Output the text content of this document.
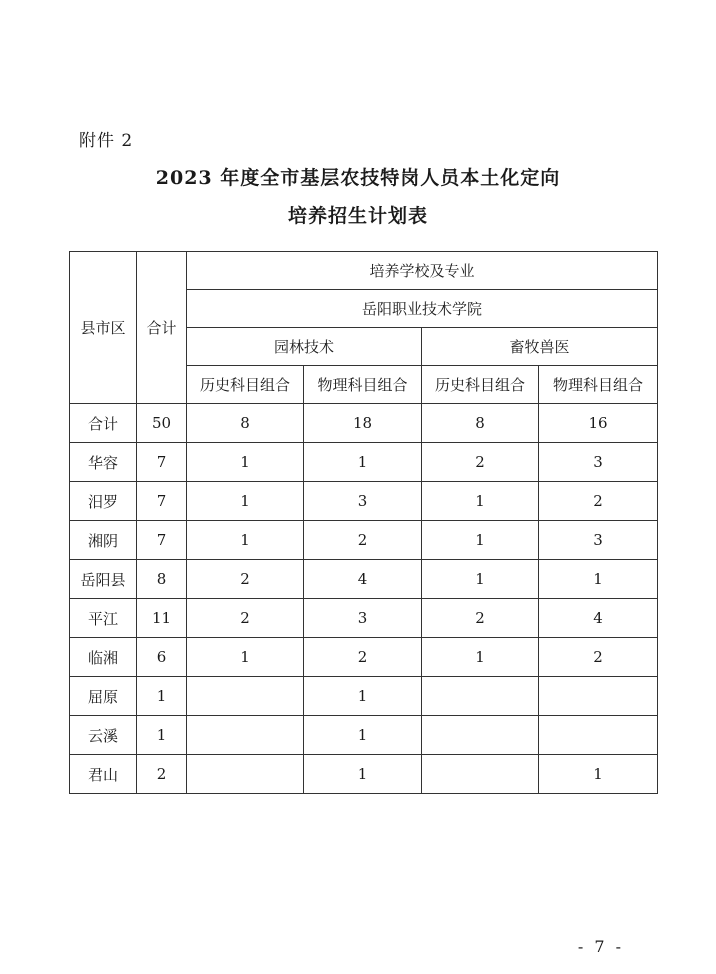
附件 2
2023 年度全市基层农技特岗人员本土化定向
培养招生计划表
县市区	合计	培养学校及专业			
		岳阳职业技术学院			
		园林技术		畜牧兽医	
		历史科目组合	物理科目组合	历史科目组合	物理科目组合
合计	50	8	18	8	16
华容	7	1	1	2	3
汨罗	7	1	3	1	2
湘阴	7	1	2	1	3
岳阳县	8	2	4	1	1
平江	11	2	3	2	4
临湘	6	1	2	1	2
屈原	1		1		
云溪	1		1		
君山	2		1		1
- 7 -
